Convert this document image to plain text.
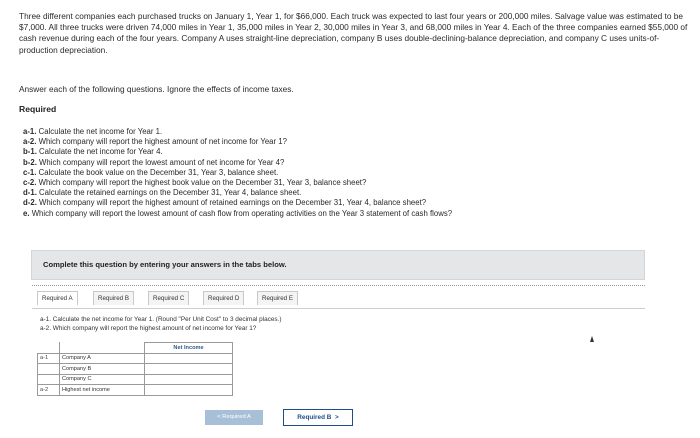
Three different companies each purchased trucks on January 1, Year 1, for $66,000. Each truck was expected to last four years or 200,000 miles. Salvage value was estimated to be $7,000. All three trucks were driven 74,000 miles in Year 1, 35,000 miles in Year 2, 30,000 miles in Year 3, and 68,000 miles in Year 4. Each of the three companies earned $55,000 of cash revenue during each of the four years. Company A uses straight-line depreciation, company B uses double-declining-balance depreciation, and company C uses units-of-production depreciation.
Answer each of the following questions. Ignore the effects of income taxes.
Required
a-1. Calculate the net income for Year 1.
a-2. Which company will report the highest amount of net income for Year 1?
b-1. Calculate the net income for Year 4.
b-2. Which company will report the lowest amount of net income for Year 4?
c-1. Calculate the book value on the December 31, Year 3, balance sheet.
c-2. Which company will report the highest book value on the December 31, Year 3, balance sheet?
d-1. Calculate the retained earnings on the December 31, Year 4, balance sheet.
d-2. Which company will report the highest amount of retained earnings on the December 31, Year 4, balance sheet?
e. Which company will report the lowest amount of cash flow from operating activities on the Year 3 statement of cash flows?
Complete this question by entering your answers in the tabs below.
Required A	Required B	Required C	Required D	Required E
a-1. Calculate the net income for Year 1. (Round "Per Unit Cost" to 3 decimal places.)
a-2. Which company will report the highest amount of net income for Year 1?
		Net Income
a-1	Company A	
	Company B	
	Company C	
a-2	Highest net income	
< Required A	Required B >
